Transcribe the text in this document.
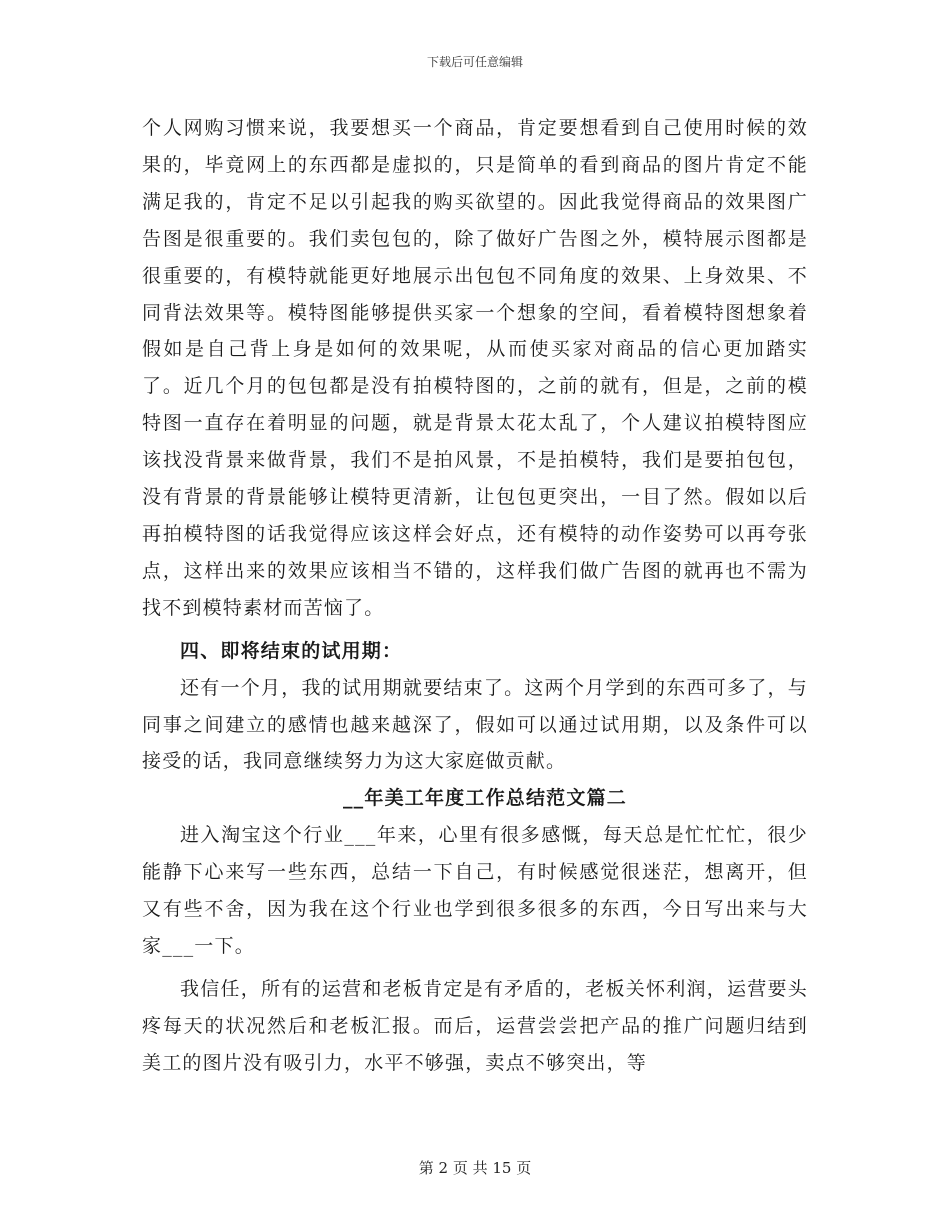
下载后可任意编辑

个人网购习惯来说，我要想买一个商品，肯定要想看到自己使用时候的效果的，毕竟网上的东西都是虚拟的，只是简单的看到商品的图片肯定不能满足我的，肯定不足以引起我的购买欲望的。因此我觉得商品的效果图广告图是很重要的。我们卖包包的，除了做好广告图之外，模特展示图都是很重要的，有模特就能更好地展示出包包不同角度的效果、上身效果、不同背法效果等。模特图能够提供买家一个想象的空间，看着模特图想象着假如是自己背上身是如何的效果呢，从而使买家对商品的信心更加踏实了。近几个月的包包都是没有拍模特图的，之前的就有，但是，之前的模特图一直存在着明显的问题，就是背景太花太乱了，个人建议拍模特图应该找没背景来做背景，我们不是拍风景，不是拍模特，我们是要拍包包，没有背景的背景能够让模特更清新，让包包更突出，一目了然。假如以后再拍模特图的话我觉得应该这样会好点，还有模特的动作姿势可以再夸张点，这样出来的效果应该相当不错的，这样我们做广告图的就再也不需为找不到模特素材而苦恼了。

四、即将结束的试用期：

还有一个月，我的试用期就要结束了。这两个月学到的东西可多了，与同事之间建立的感情也越来越深了，假如可以通过试用期，以及条件可以接受的话，我同意继续努力为这大家庭做贡献。

__年美工年度工作总结范文篇二

进入淘宝这个行业___年来，心里有很多感慨，每天总是忙忙忙，很少能静下心来写一些东西，总结一下自己，有时候感觉很迷茫，想离开，但又有些不舍，因为我在这个行业也学到很多很多的东西，今日写出来与大家___一下。

我信任，所有的运营和老板肯定是有矛盾的，老板关怀利润，运营要头疼每天的状况然后和老板汇报。而后，运营尝尝把产品的推广问题归结到美工的图片没有吸引力，水平不够强，卖点不够突出，等

第 2 页 共 15 页
